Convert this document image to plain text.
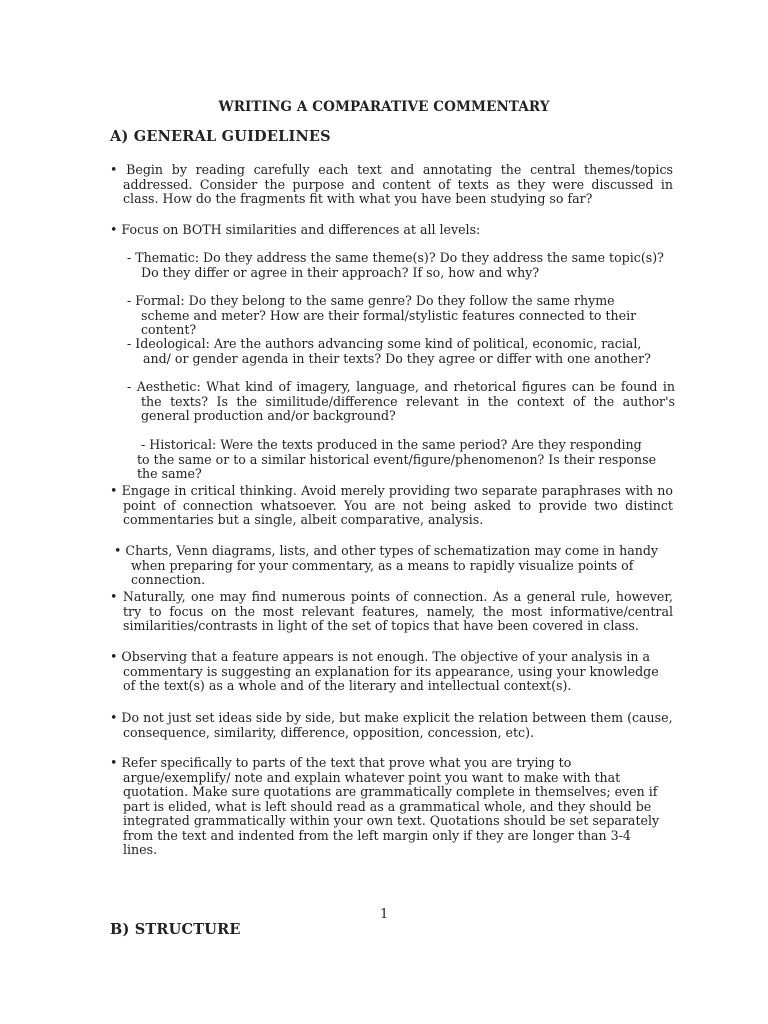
WRITING A COMPARATIVE COMMENTARY
A) GENERAL GUIDELINES
• Begin by reading carefully each text and annotating the central themes/topics addressed. Consider the purpose and content of texts as they were discussed in class. How do the fragments fit with what you have been studying so far?
• Focus on BOTH similarities and differences at all levels:
- Thematic: Do they address the same theme(s)? Do they address the same topic(s)? Do they differ or agree in their approach? If so, how and why?
- Formal: Do they belong to the same genre? Do they follow the same rhyme scheme and meter? How are their formal/stylistic features connected to their content?
- Ideological: Are the authors advancing some kind of political, economic, racial, and/ or gender agenda in their texts? Do they agree or differ with one another?
- Aesthetic: What kind of imagery, language, and rhetorical figures can be found in the texts? Is the similitude/difference relevant in the context of the author's general production and/or background?
- Historical: Were the texts produced in the same period? Are they responding to the same or to a similar historical event/figure/phenomenon? Is their response the same?
• Engage in critical thinking. Avoid merely providing two separate paraphrases with no point of connection whatsoever. You are not being asked to provide two distinct commentaries but a single, albeit comparative, analysis.
• Charts, Venn diagrams, lists, and other types of schematization may come in handy when preparing for your commentary, as a means to rapidly visualize points of connection.
• Naturally, one may find numerous points of connection. As a general rule, however, try to focus on the most relevant features, namely, the most informative/central similarities/contrasts in light of the set of topics that have been covered in class.
• Observing that a feature appears is not enough. The objective of your analysis in a commentary is suggesting an explanation for its appearance, using your knowledge of the text(s) as a whole and of the literary and intellectual context(s).
• Do not just set ideas side by side, but make explicit the relation between them (cause, consequence, similarity, difference, opposition, concession, etc).
• Refer specifically to parts of the text that prove what you are trying to argue/exemplify/ note and explain whatever point you want to make with that quotation. Make sure quotations are grammatically complete in themselves; even if part is elided, what is left should read as a grammatical whole, and they should be integrated grammatically within your own text. Quotations should be set separately from the text and indented from the left margin only if they are longer than 3-4 lines.
1
B) STRUCTURE
